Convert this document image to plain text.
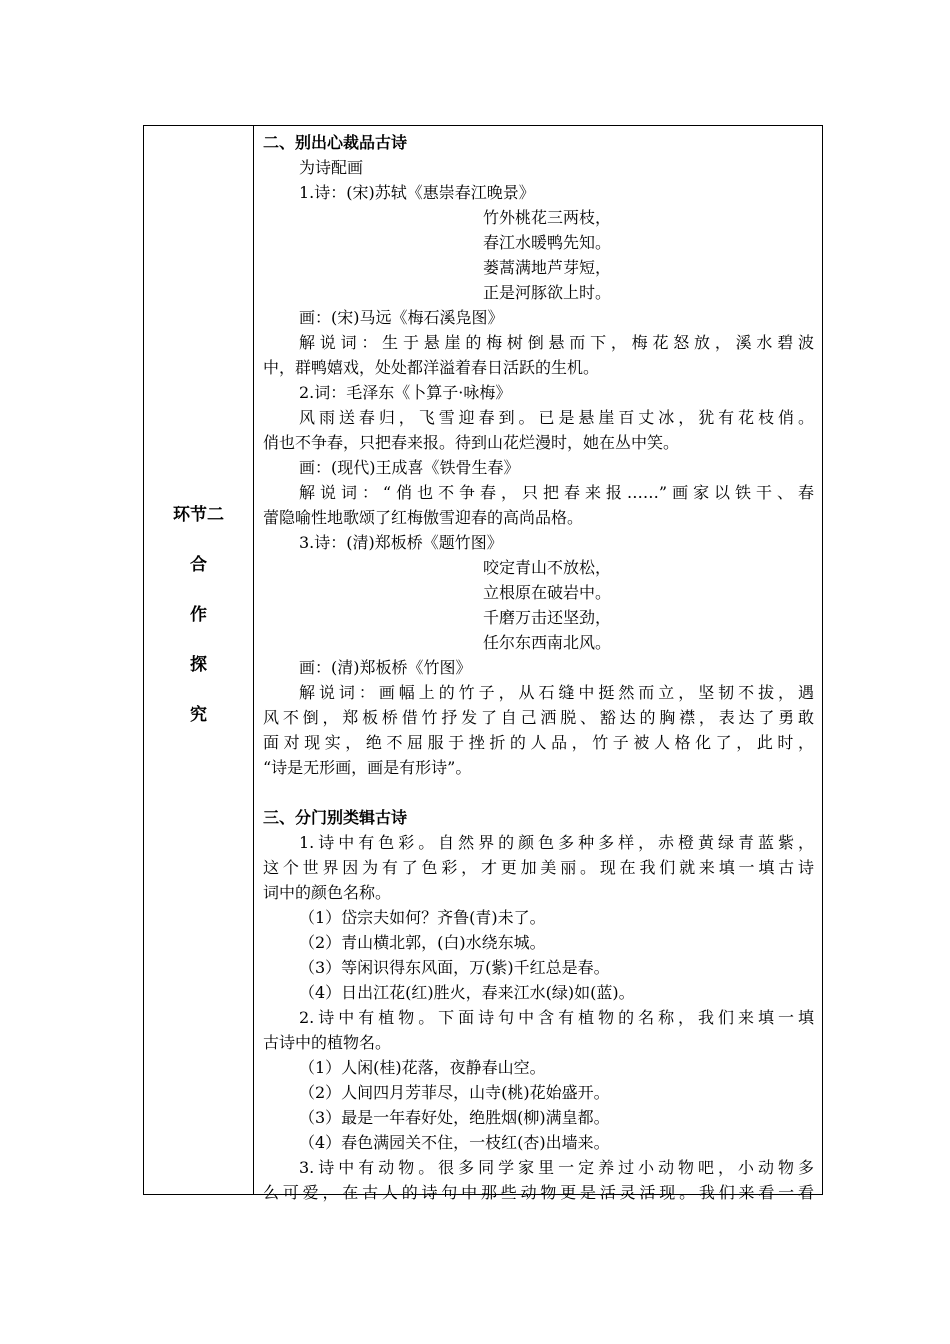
环节二
合
作
探
究
二、别出心裁品古诗
为诗配画
1.诗：(宋)苏轼《惠崇春江晚景》
竹外桃花三两枝，
春江水暖鸭先知。
蒌蒿满地芦芽短，
正是河豚欲上时。
画：(宋)马远《梅石溪凫图》
解说词：生于悬崖的梅树倒悬而下，梅花怒放，溪水碧波
中，群鸭嬉戏，处处都洋溢着春日活跃的生机。
2.词：毛泽东《卜算子·咏梅》
风雨送春归，飞雪迎春到。已是悬崖百丈冰，犹有花枝俏。
俏也不争春，只把春来报。待到山花烂漫时，她在丛中笑。
画：(现代)王成喜《铁骨生春》
解说词：“俏也不争春，只把春来报……”画家以铁干、春
蕾隐喻性地歌颂了红梅傲雪迎春的高尚品格。
3.诗：(清)郑板桥《题竹图》
咬定青山不放松，
立根原在破岩中。
千磨万击还坚劲，
任尔东西南北风。
画：(清)郑板桥《竹图》
解说词：画幅上的竹子，从石缝中挺然而立，坚韧不拔，遇
风不倒，郑板桥借竹抒发了自己洒脱、豁达的胸襟，表达了勇敢
面对现实，绝不屈服于挫折的人品，竹子被人格化了，此时，
“诗是无形画，画是有形诗”。
三、分门别类辑古诗
1.诗中有色彩。自然界的颜色多种多样，赤橙黄绿青蓝紫，
这个世界因为有了色彩，才更加美丽。现在我们就来填一填古诗
词中的颜色名称。
（1）岱宗夫如何？齐鲁(青)未了。
（2）青山横北郭，(白)水绕东城。
（3）等闲识得东风面，万(紫)千红总是春。
（4）日出江花(红)胜火，春来江水(绿)如(蓝)。
2.诗中有植物。下面诗句中含有植物的名称，我们来填一填
古诗中的植物名。
（1）人闲(桂)花落，夜静春山空。
（2）人间四月芳菲尽，山寺(桃)花始盛开。
（3）最是一年春好处，绝胜烟(柳)满皇都。
（4）春色满园关不住，一枝红(杏)出墙来。
3.诗中有动物。很多同学家里一定养过小动物吧，小动物多
么可爱，在古人的诗句中那些动物更是活灵活现。我们来看一看
